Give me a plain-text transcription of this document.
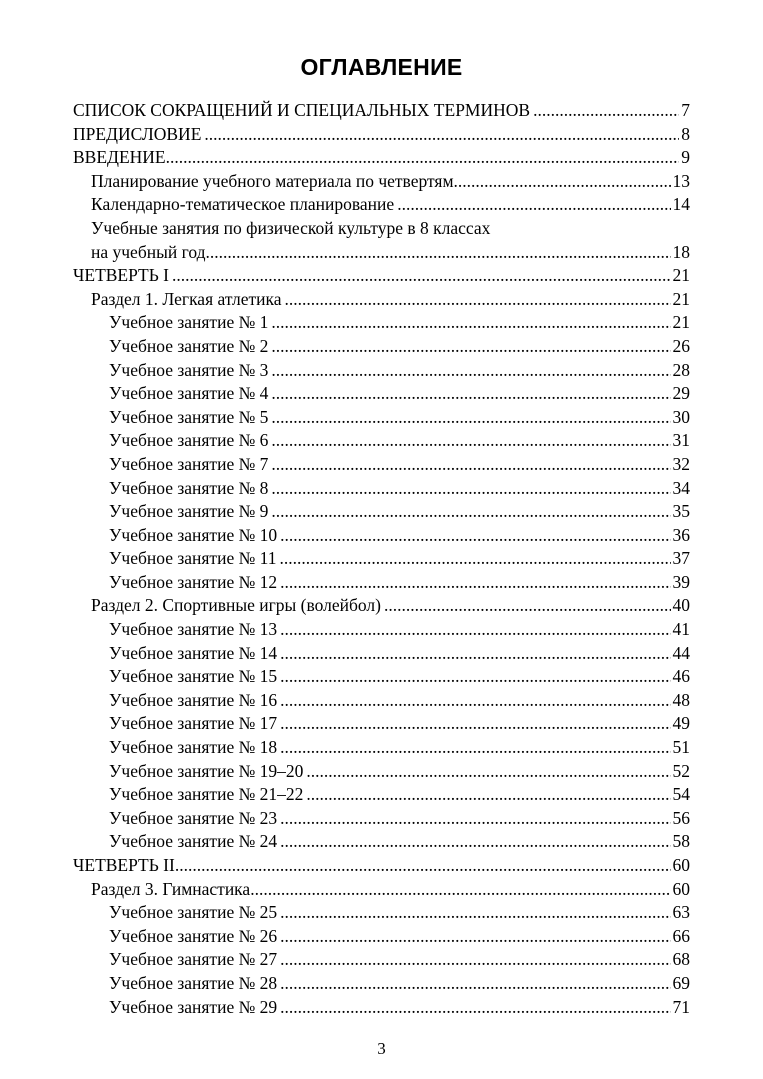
ОГЛАВЛЕНИЕ
СПИСОК СОКРАЩЕНИЙ И СПЕЦИАЛЬНЫХ ТЕРМИНОВ .....	7
ПРЕДИСЛОВИЕ .....	8
ВВЕДЕНИЕ .....	9
Планирование учебного материала по четвертям .....	13
Календарно-тематическое планирование .....	14
Учебные занятия по физической культуре в 8 классах
на учебный год .....	18
ЧЕТВЕРТЬ I .....	21
Раздел 1. Легкая атлетика .....	21
Учебное занятие № 1 .....	21
Учебное занятие № 2 .....	26
Учебное занятие № 3 .....	28
Учебное занятие № 4 .....	29
Учебное занятие № 5 .....	30
Учебное занятие № 6 .....	31
Учебное занятие № 7 .....	32
Учебное занятие № 8 .....	34
Учебное занятие № 9 .....	35
Учебное занятие № 10 .....	36
Учебное занятие № 11 .....	37
Учебное занятие № 12 .....	39
Раздел 2. Спортивные игры (волейбол) .....	40
Учебное занятие № 13 .....	41
Учебное занятие № 14 .....	44
Учебное занятие № 15 .....	46
Учебное занятие № 16 .....	48
Учебное занятие № 17 .....	49
Учебное занятие № 18 .....	51
Учебное занятие № 19–20 .....	52
Учебное занятие № 21–22 .....	54
Учебное занятие № 23 .....	56
Учебное занятие № 24 .....	58
ЧЕТВЕРТЬ II .....	60
Раздел 3. Гимнастика .....	60
Учебное занятие № 25 .....	63
Учебное занятие № 26 .....	66
Учебное занятие № 27 .....	68
Учебное занятие № 28 .....	69
Учебное занятие № 29 .....	71
3
